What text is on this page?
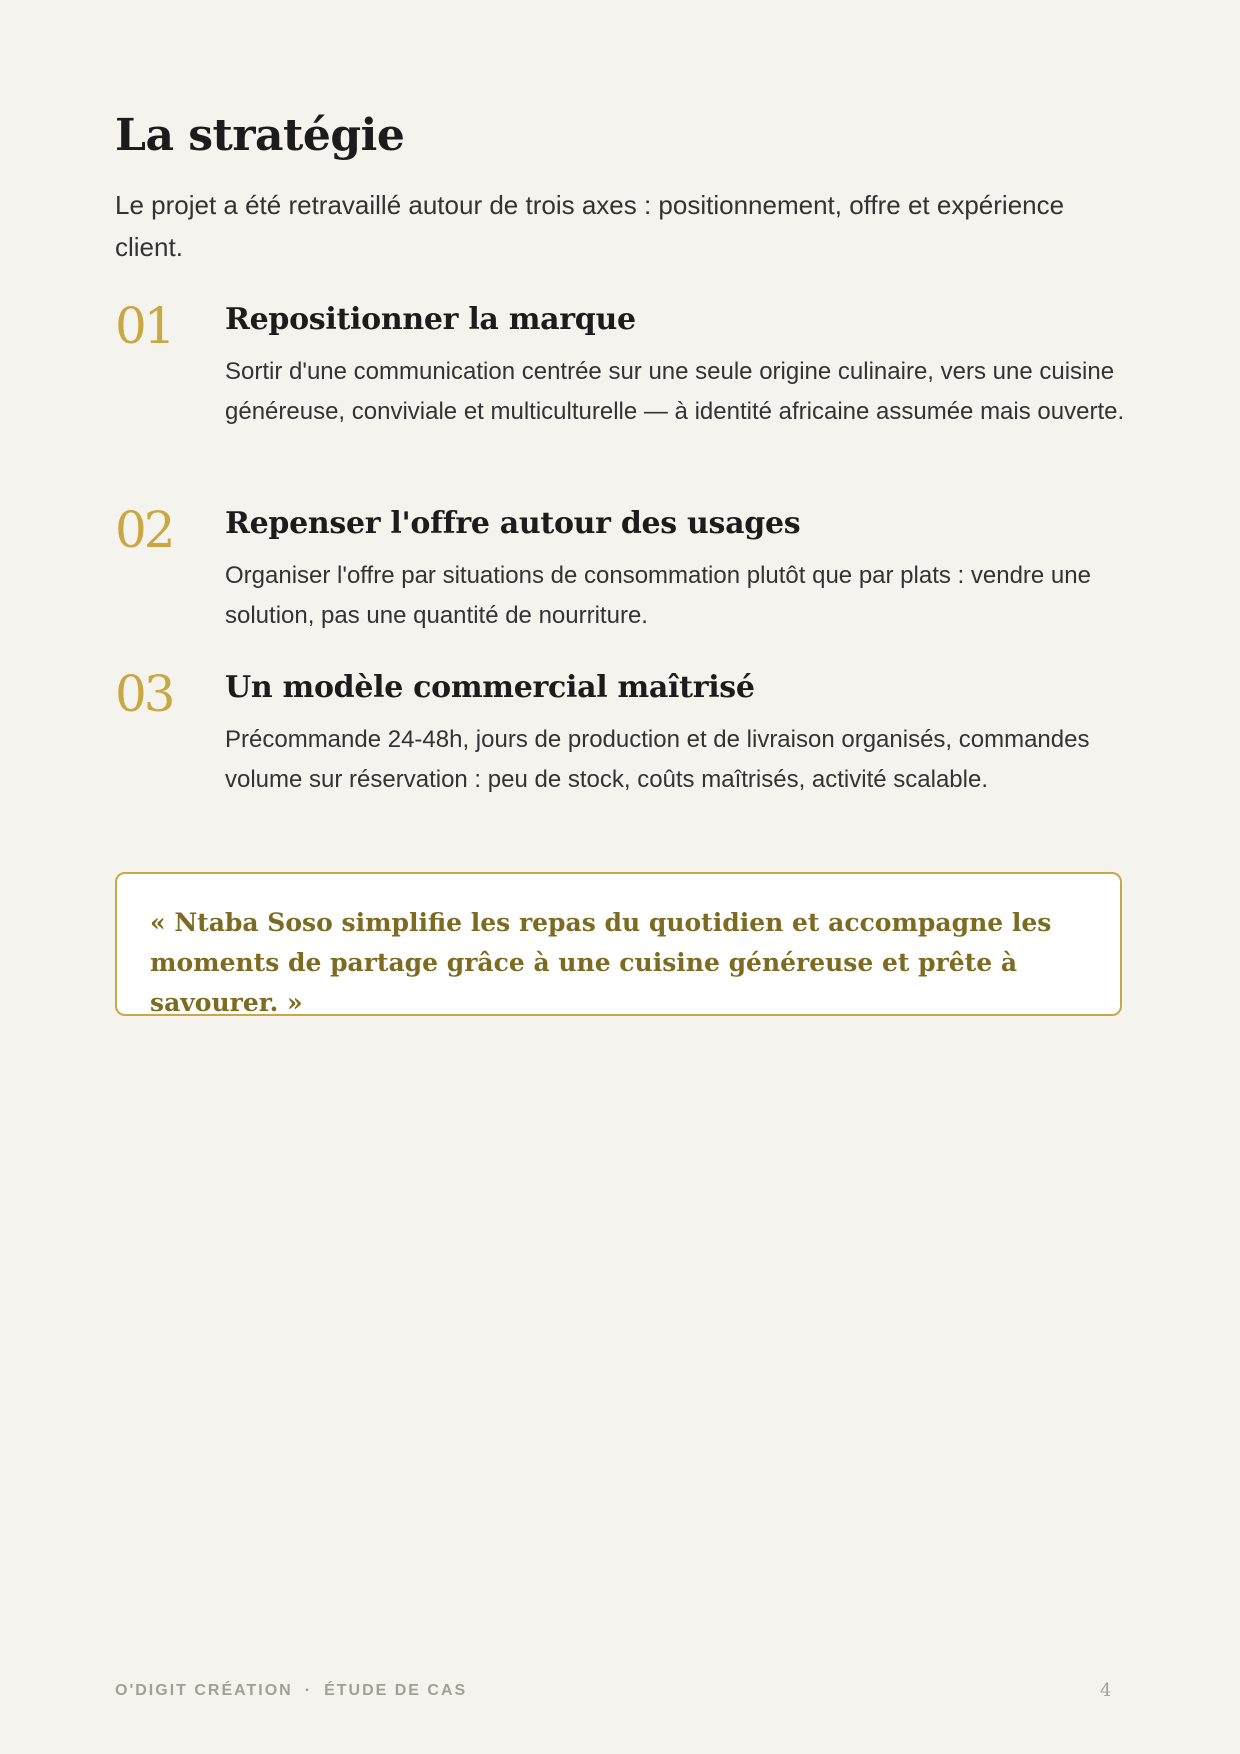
La stratégie

Le projet a été retravaillé autour de trois axes : positionnement, offre et expérience client.

01 Repositionner la marque

Sortir d'une communication centrée sur une seule origine culinaire, vers une cuisine généreuse, conviviale et multiculturelle — à identité africaine assumée mais ouverte.

02 Repenser l'offre autour des usages

Organiser l'offre par situations de consommation plutôt que par plats : vendre une solution, pas une quantité de nourriture.

03 Un modèle commercial maîtrisé

Précommande 24-48h, jours de production et de livraison organisés, commandes volume sur réservation : peu de stock, coûts maîtrisés, activité scalable.

« Ntaba Soso simplifie les repas du quotidien et accompagne les moments de partage grâce à une cuisine généreuse et prête à savourer. »

O'DIGIT CRÉATION · ÉTUDE DE CAS	4
